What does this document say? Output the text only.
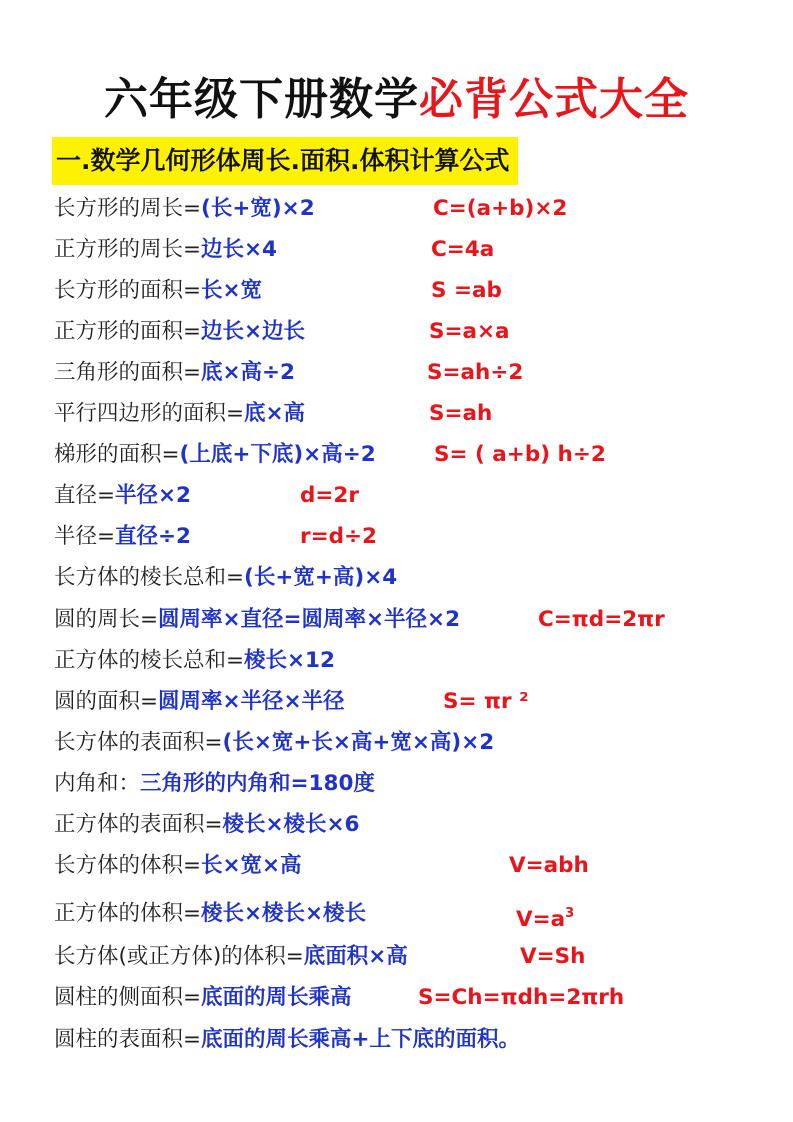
六年级下册数学必背公式大全
一.数学几何形体周长.面积.体积计算公式
长方形的周长=(长+宽)×2	C=(a+b)×2
正方形的周长=边长×4	C=4a
长方形的面积=长×宽	S =ab
正方形的面积=边长×边长	S=a×a
三角形的面积=底×高÷2	S=ah÷2
平行四边形的面积=底×高	S=ah
梯形的面积=(上底+下底)×高÷2	S= ( a+b) h÷2
直径=半径×2	d=2r
半径=直径÷2	r=d÷2
长方体的棱长总和=(长+宽+高)×4
圆的周长=圆周率×直径=圆周率×半径×2	C=πd=2πr
正方体的棱长总和=棱长×12
圆的面积=圆周率×半径×半径	S= πr ²
长方体的表面积=(长×宽+长×高+宽×高)×2
内角和：三角形的内角和=180度
正方体的表面积=棱长×棱长×6
长方体的体积=长×宽×高	V=abh
正方体的体积=棱长×棱长×棱长	$V=a^3$
长方体(或正方体)的体积=底面积×高	V=Sh
圆柱的侧面积=底面的周长乘高	S=Ch=πdh=2πrh
圆柱的表面积=底面的周长乘高+上下底的面积。
